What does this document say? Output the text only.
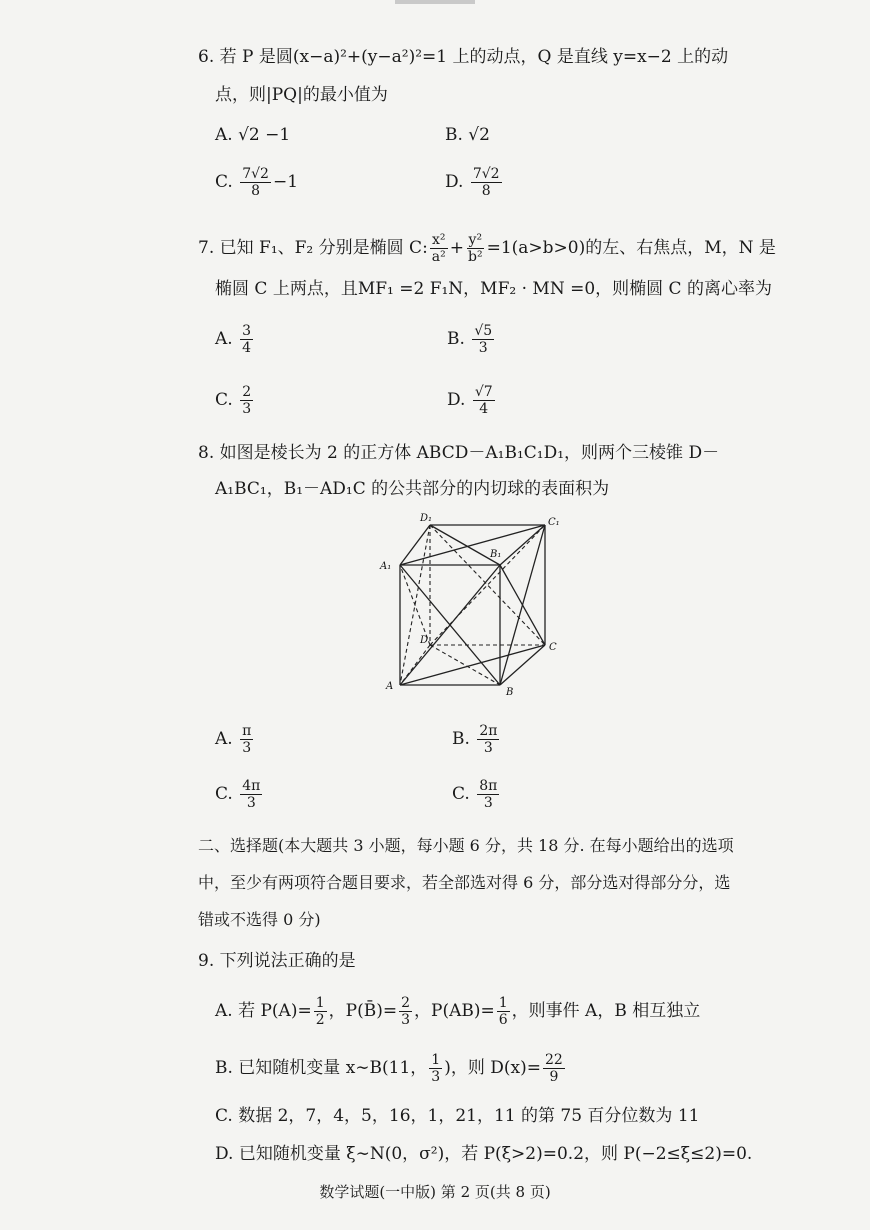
6. 若 P 是圆(x−a)²+(y−a²)²=1 上的动点，Q 是直线 y=x−2 上的动
点，则|PQ|的最小值为
A. √2 −1	B. √2
C. $\frac{7√2}{8} -1$	D. $\frac{7√2}{8}$
7. 已知 F₁、F₂ 分别是椭圆 C: $\frac{\text{x²}}{\text{a²}} + \frac{\text{y²}}{\text{b²}} =1(a>b>0)$的左、右焦点，M，N 是
椭圆 C 上两点，且MF₁ =2 F₁N，MF₂ · MN =0，则椭圆 C 的离心率为
A. $\frac{3}{4}$	B. $\frac{√5}{3}$
C. $\frac{2}{3}$	D. $\frac{√7}{4}$
8. 如图是棱长为 2 的正方体 ABCD－A₁B₁C₁D₁，则两个三棱锥 D－
A₁BC₁，B₁－AD₁C 的公共部分的内切球的表面积为
D₁	C₁
B₁
A₁
D
C
A
B
A. $\frac{\pi}{3}$	B. $\frac{2\pi}{3}$
C. $\frac{4\pi}{3}$	C. $\frac{8\pi}{3}$
二、选择题(本大题共 3 小题，每小题 6 分，共 18 分. 在每小题给出的选项
中，至少有两项符合题目要求，若全部选对得 6 分，部分选对得部分分，选
错或不选得 0 分)
9. 下列说法正确的是
A. 若 $P(A)= \frac{1}{2}$ ，P(B̄)= $\frac{2}{3}$ ，$P(AB)= \frac{1}{6}$ ，则事件 A，B 相互独立
B. 已知随机变量 x∼B(11， $\frac{1}{3}$ )，则 $D(x)= \frac{22}{9}$
C. 数据 2，7，4，5，16，1，21，11 的第 75 百分位数为 11
D. 已知随机变量 ξ∼N(0，σ²)，若 P(ξ>2)=0.2，则 P(−2≤ξ≤2)=0.
数学试题(一中版) 第 2 页(共 8 页)
